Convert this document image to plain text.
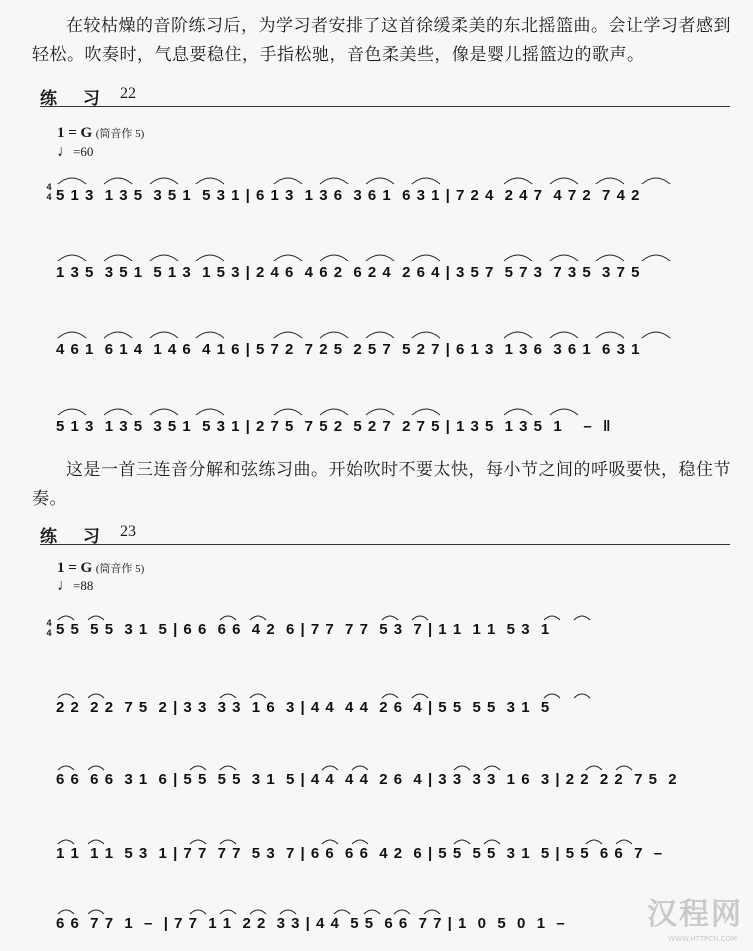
在较枯燥的音阶练习后，为学习者安排了这首徐缓柔美的东北摇篮曲。会让学习者感到轻松。吹奏时，气息要稳住，手指松驰，音色柔美些，像是婴儿摇篮边的歌声。

练 习 22
1 = G (筒音作 5)
♩=60
4
4 5 1 3  1 3 5  3 5 1  5 3 1 | 6 1 3  1 3 6  3 6 1  6 3 1 | 7 2 4  2 4 7  4 7 2  7 4 2
1 3 5  3 5 1  5 1 3  1 5 3 | 2 4 6  4 6 2  6 2 4  2 6 4 | 3 5 7  5 7 3  7 3 5  3 7 5
4 6 1  6 1 4  1 4 6  4 1 6 | 5 7 2  7 2 5  2 5 7  5 2 7 | 6 1 3  1 3 6  3 6 1  6 3 1
5 1 3  1 3 5  3 5 1  5 3 1 | 2 7 5  7 5 2  5 2 7  2 7 5 | 1 3 5  1 3 5  1    –  ‖

这是一首三连音分解和弦练习曲。开始吹时不要太快，每小节之间的呼吸要快，稳住节奏。

练 习 23
1 = G (筒音作 5)
♩=88
4
4 5 5  5 5  3 1  5 | 6 6  6 6  4 2  6 | 7 7  7 7  5 3  7 | 1 1  1 1  5 3  1
2 2  2 2  7 5  2 | 3 3  3 3  1 6  3 | 4 4  4 4  2 6  4 | 5 5  5 5  3 1  5
6 6  6 6  3 1  6 | 5 5  5 5  3 1  5 | 4 4  4 4  2 6  4 | 3 3  3 3  1 6  3 | 2 2  2 2  7 5  2
1 1  1 1  5 3  1 | 7 7  7 7  5 3  7 | 6 6  6 6  4 2  6 | 5 5  5 5  3 1  5 | 5 5  6 6  7  –
6 6  7 7  1  –  | 7 7  1 1  2 2  3 3 | 4 4  5 5  6 6  7 7 | 1  0  5  0  1  –	汉程网
WWW.HTTPCN.COM
